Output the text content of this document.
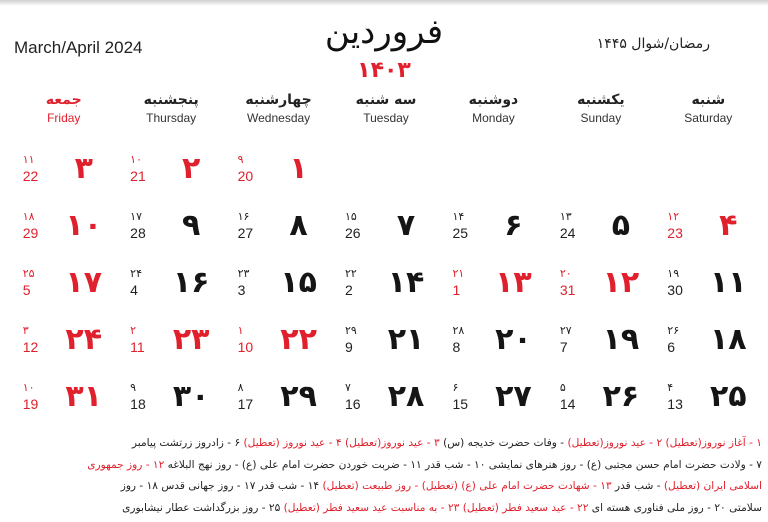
March/April 2024	فروردین
۱۴۰۳
رمضان/شوال ۱۴۴۵
شنبه
Saturday
یکشنبه
Sunday
دوشنبه
Monday
سه شنبه
Tuesday
چهارشنبه
Wednesday
پنجشنبه
Thursday
جمعه
Friday
۱
۹
20
۲
۱۰
21
۳
۱۱
22
۴
۱۲
23
۵
۱۳
24
۶
۱۴
25
۷
۱۵
26
۸
۱۶
27
۹
۱۷
28
۱۰
۱۸
29
۱۱
۱۹
30
۱۲
۲۰
31
۱۳
۲۱
1
۱۴
۲۲
2
۱۵
۲۳
3
۱۶
۲۴
4
۱۷
۲۵
5
۱۸
۲۶
6
۱۹
۲۷
7
۲۰
۲۸
8
۲۱
۲۹
9
۲۲
۱
10
۲۳
۲
11
۲۴
۳
12
۲۵
۴
13
۲۶
۵
14
۲۷
۶
15
۲۸
۷
16
۲۹
۸
17
۳۰
۹
18
۳۱
۱۰
19
۱ - آغاز نوروز(تعطیل) ۲ - عید نوروز(تعطیل) - وفات حضرت خدیجه (س) ۳ - عید نوروز(تعطیل) ۴ - عید نوروز (تعطیل) ۶ - زادروز زرتشت پیامبر
۷ - ولادت حضرت امام حسن مجتبی (ع) - روز هنرهای نمایشی ۱۰ - شب قدر ۱۱ - ضربت خوردن حضرت امام علی (ع) - روز نهج البلاغه ۱۲ - روز جمهوری
اسلامی ایران (تعطیل) - شب قدر ۱۳ - شهادت حضرت امام علی (ع) (تعطیل) - روز طبیعت (تعطیل) ۱۴ - شب قدر ۱۷ - روز جهانی قدس ۱۸ - روز
سلامتی ۲۰ - روز ملی فناوری هسته ای ۲۲ - عید سعید فطر (تعطیل) ۲۳ - به مناسبت عید سعید فطر (تعطیل) ۲۵ - روز بزرگداشت عطار نیشابوری
